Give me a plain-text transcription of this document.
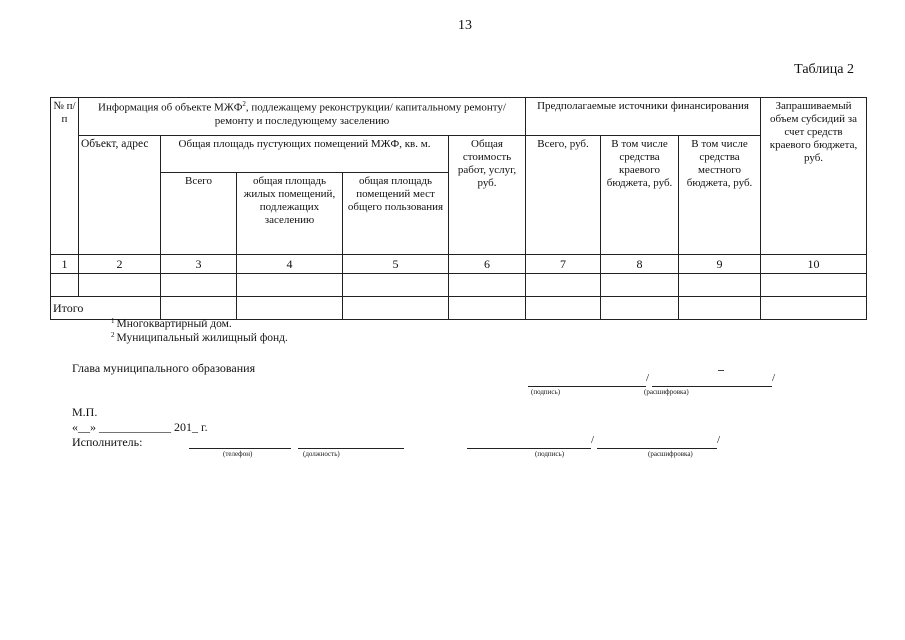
13
Таблица 2
№ п/п	Информация об объекте МЖФ$^2$, подлежащему реконструкции/ капитальному ремонту/ремонту и последующему заселению					Предполагаемые источники финансирования			Запрашиваемый объем субсидий за счет средств краевого бюджета, руб.
	Объект, адрес	Общая площадь пустующих помещений МЖФ, кв. м.			Общая стоимость работ, услуг, руб.	Всего, руб.	В том числе средства краевого бюджета, руб.	В том числе средства местного бюджета, руб.	
		Всего	общая площадь жилых помещений, подлежащих заселению	общая площадь помещений мест общего пользования					
1	2	3	4	5	6	7	8	9	10

Итого									
$^1$ Многоквартирный дом.
$^2$ Муниципальный жилищный фонд.
Глава муниципального образования
/	/
(подпись)	(расшифровка)
М.П.
«__» ____________ 201_ г.
Исполнитель:
(телефон)	(должность)
/	/
(подпись)	(расшифровка)
